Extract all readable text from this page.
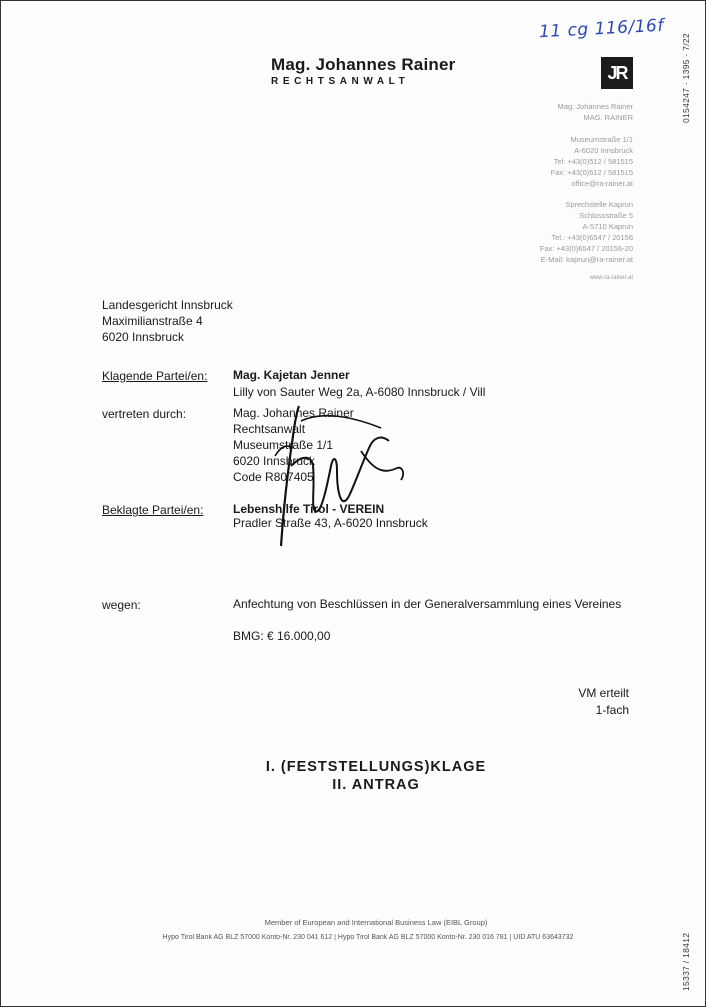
11 cg 116/16f
Mag. Johannes Rainer
RECHTSANWALT	JR	0154247 · 1395 · 7/22
Mag. Johannes Rainer
MAG. RAINER

Museumstraße 1/1
A-6020 Innsbruck
Tel: +43(0)512 / 581515
Fax: +43(0)512 / 581515
office@ra-rainer.at
Sprechstelle Kaprun
Schlossstraße 5
A-5710 Kaprun
Tel.: +43(0)6547 / 20156
Fax: +43(0)6547 / 20156-20
E-Mail: kaprun@ra-rainer.at
www.ra-rainer.at
Landesgericht Innsbruck
Maximilianstraße 4
6020 Innsbruck
Klagende Partei/en: Mag. Kajetan Jenner
Lilly von Sauter Weg 2a, A-6080 Innsbruck / Vill
vertreten durch:	Mag. Johannes Rainer
Rechtsanwalt
Museumstraße 1/1
6020 Innsbruck
Code R807405
Beklagte Partei/en: Lebenshilfe Tirol - VEREIN
Pradler Straße 43, A-6020 Innsbruck
wegen:	Anfechtung von Beschlüssen in der Generalversammlung eines Vereines
BMG: € 16.000,00
VM erteilt
1-fach
I. (FESTSTELLUNGS)KLAGE
II. ANTRAG
Member of European and International Business Law (EIBL Group)
Hypo Tirol Bank AG BLZ 57000 Konto-Nr. 230 041 612 | Hypo Tirol Bank AG BLZ 57000 Konto-Nr. 230 016 781 | UID ATU 63643732	15337 / 18412
